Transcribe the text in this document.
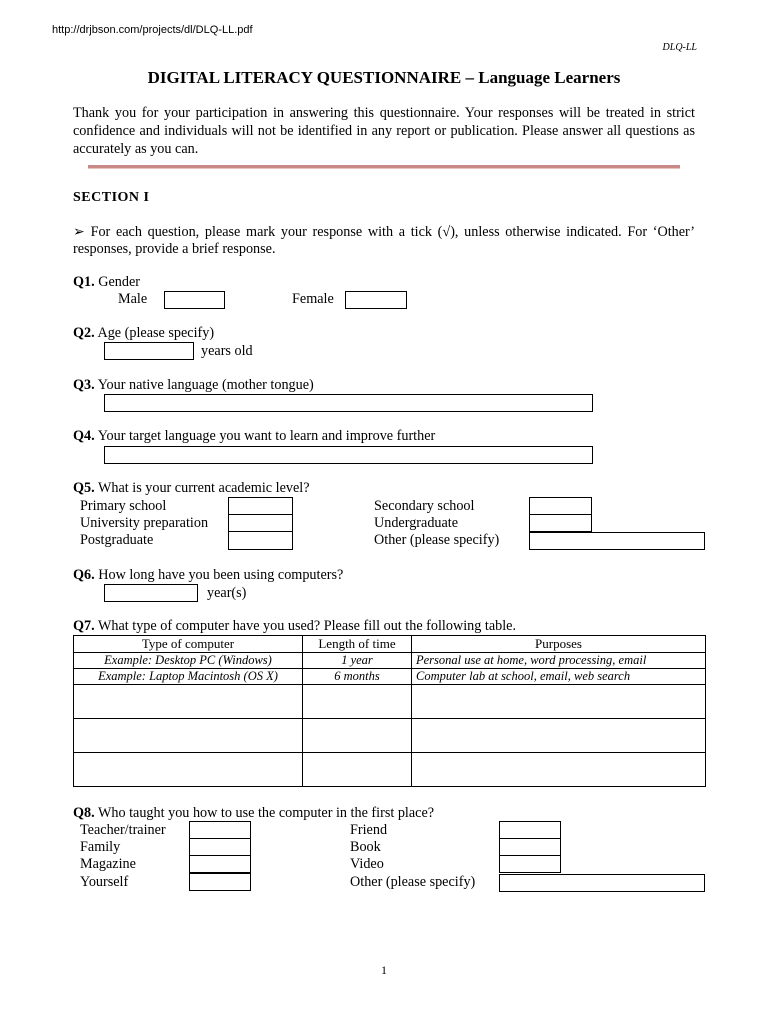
http://drjbson.com/projects/dl/DLQ-LL.pdf
DLQ-LL
DIGITAL LITERACY QUESTIONNAIRE – Language Learners
Thank you for your participation in answering this questionnaire. Your responses will be treated in strict confidence and individuals will not be identified in any report or publication. Please answer all questions as accurately as you can.
SECTION I
➢ For each question, please mark your response with a tick (√), unless otherwise indicated. For ‘Other’ responses, provide a brief response.
Q1. Gender
Male	Female
Q2. Age (please specify)
years old
Q3. Your native language (mother tongue)
Q4. Your target language you want to learn and improve further
Q5. What is your current academic level?
Primary school
University preparation
Postgraduate
Secondary school
Undergraduate
Other (please specify)
Q6. How long have you been using computers?
year(s)
Q7. What type of computer have you used? Please fill out the following table.
Type of computer	Length of time	Purposes
Example: Desktop PC (Windows)	1 year	Personal use at home, word processing, email
Example: Laptop Macintosh (OS X)	6 months	Computer lab at school, email, web search

Q8. Who taught you how to use the computer in the first place?
Teacher/trainer
Family
Magazine
Yourself
Friend
Book
Video
Other (please specify)
1
